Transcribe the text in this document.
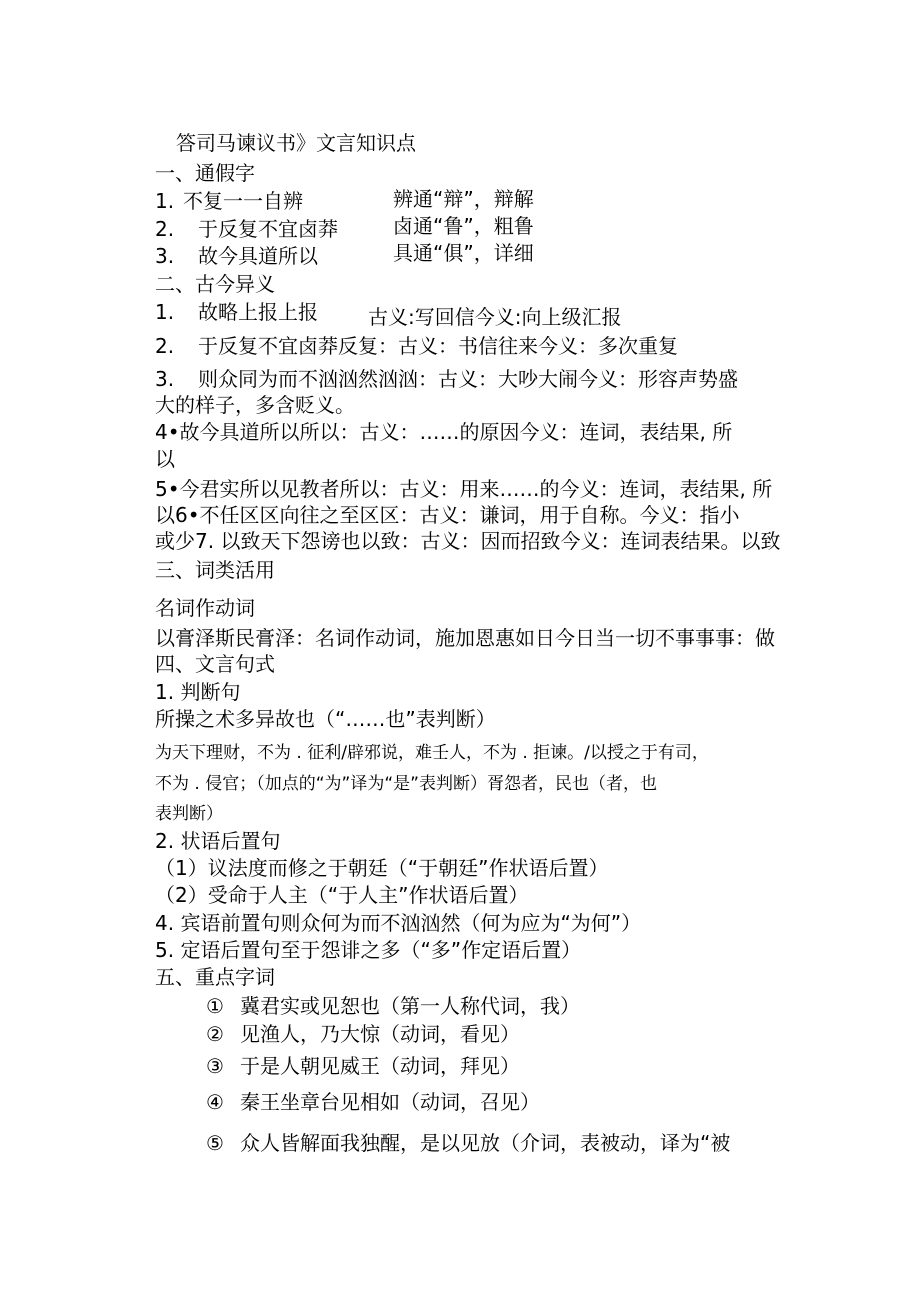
答司马谏议书》文言知识点
一、通假字
1. 不复一一自辨	辨通“辩”，辩解
2. 于反复不宜卤莽	卤通“鲁”，粗鲁
3. 故今具道所以	具通“俱”，详细
二、古今异义
1. 故略上报上报	古义:写回信今义:向上级汇报
2. 于反复不宜卤莽反复：古义：书信往来今义：多次重复
3. 则众同为而不汹汹然汹汹：古义：大吵大闹今义：形容声势盛
大的样子，多含贬义。
4•故今具道所以所以：古义：……的原因今义：连词，表结果, 所
以
5•今君实所以见教者所以：古义：用来……的今义：连词，表结果, 所
以6•不任区区向往之至区区：古义：谦词，用于自称。今义：指小
或少7. 以致天下怨谤也以致：古义：因而招致今义：连词表结果。以致
三、词类活用
名词作动词
以膏泽斯民膏泽：名词作动词，施加恩惠如日今日当一切不事事事：做
四、文言句式
1. 判断句
所操之术多异故也（“……也”表判断）
为天下理财，不为 . 征利/辟邪说，难壬人，不为 . 拒谏。/以授之于有司，
不为 . 侵官；（加点的“为”译为“是”表判断）胥怨者，民也（者，也
表判断）
2. 状语后置句
（1）议法度而修之于朝廷（“于朝廷”作状语后置）
（2）受命于人主（“于人主”作状语后置）
4. 宾语前置句则众何为而不汹汹然（何为应为“为何”）
5. 定语后置句至于怨诽之多（“多”作定语后置）
五、重点字词
① 冀君实或见恕也（第一人称代词，我）
② 见渔人，乃大惊（动词，看见）
③ 于是人朝见威王（动词，拜见）
④ 秦王坐章台见相如（动词，召见）
⑤ 众人皆解面我独醒，是以见放（介词，表被动，译为“被
